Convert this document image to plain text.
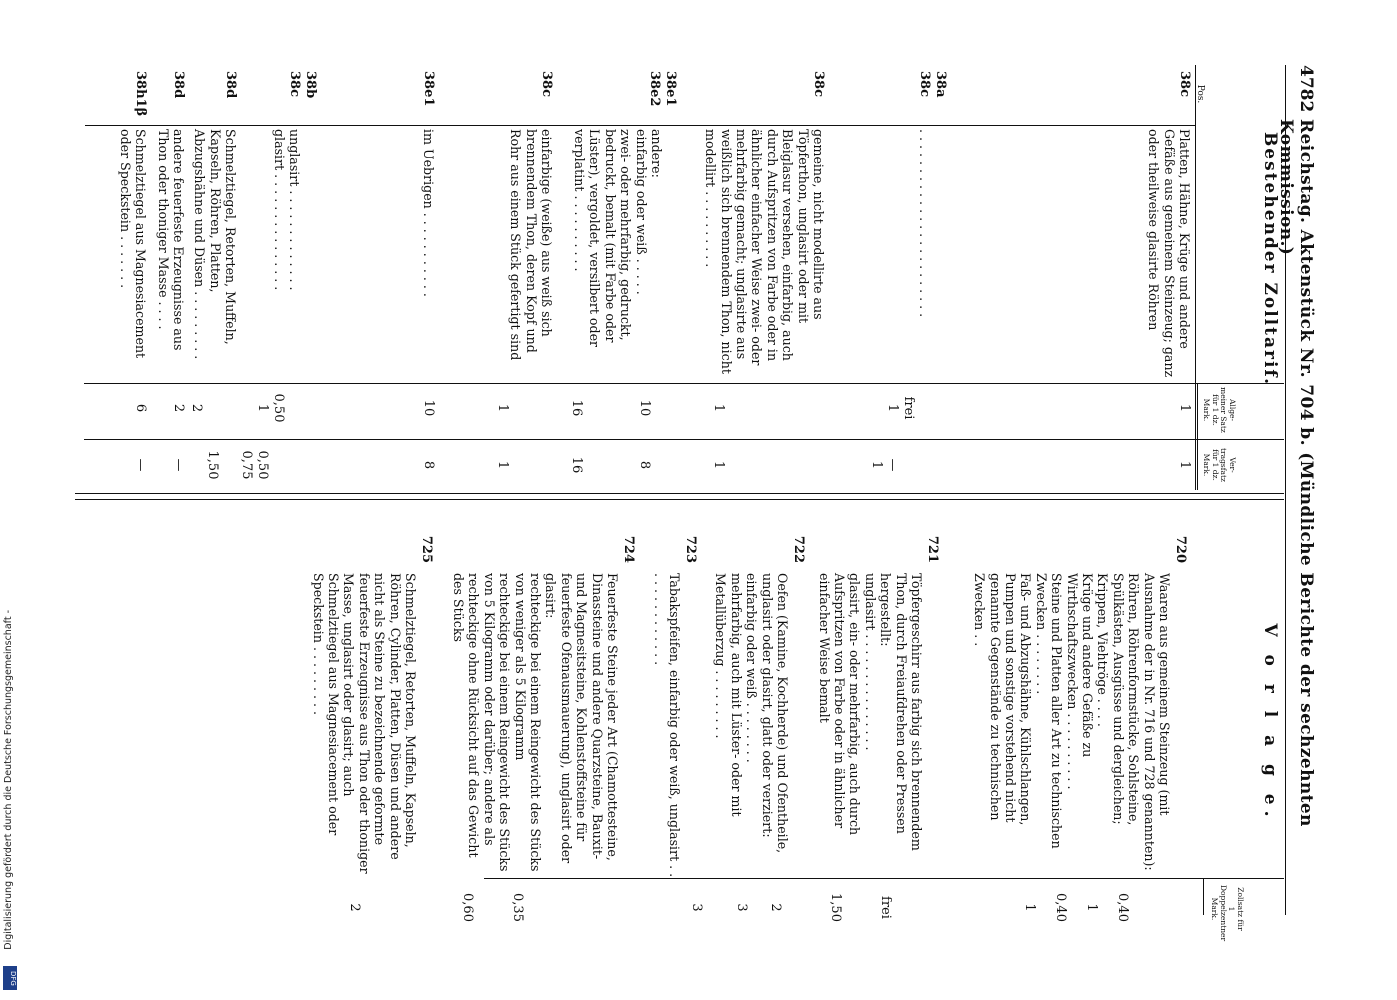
Digitalisierung gefördert durch die Deutsche Forschungsgemeinschaft -
DFG
4782
Reichstag. Aktenstück Nr. 704 b. (Mündliche Berichte der sechzehnten Kommission.)
Bestehender Zolltarif.
Pos.
Allge-meiner Satz für 1 dz. Mark.
Ver-tragsfatz für 1 dz. Mark.
38c
Platten, Hähne, Krüge und andere Gefäße aus gemeinem Steinzeug; ganz oder theilweise glasirte Röhren
1
1

38a
38c

. . . . . . . . . . . . . . . . . . . . . . . .

frei
1

—
1

38c
gemeine, nicht modellirte aus Töpferthon, unglasirt oder mit Bleiglasur versehen, einfarbig, auch durch Aufspritzen von Farbe oder in ähnlicher einfacher Weise zwei- oder mehrfarbig gemacht; unglasirte aus weißlich sich brennendem Thon, nicht modellirt . . . . . . . . . .
1
1

38e1
38e2

andere:
einfarbig oder weiß . . . . .
zwei- oder mehrfarbig, gedruckt, bedruckt, bemalt (mit Farbe oder Lüster), vergoldet, versilbert oder verplatint . . . . . . . . . .

10
16

8
16

38c
einfarbige (weiße) aus weiß sich brennendem Thon, deren Kopf und Rohr aus einem Stück gefertigt sind
1
1
38e1
im Uebrigen . . . . . . . . . . .
10
8

38b
38c

unglasirt . . . . . . . . . . . . .
glasirt . . . . . . . . . . . . . . .

0,50
1

0,50
0,75

38d
Schmelztiegel, Retorten, Muffeln, Kapseln, Röhren, Platten, Abzugshähne und Düsen . . . . . . . . .
2
1,50
38d
andere feuerfeste Erzeugnisse aus Thon oder thoniger Masse . . . .
2
—
38h1β
Schmelztiegel aus Magnesiacement oder Speckstein . . . . . . .
6
—
V o r l a g e.
Zollsatz für 1 Doppelzentner Mark.

720

Waaren aus gemeinem Steinzeug (mit Ausnahme der in Nr. 716 und 728 genannten):
Röhren, Röhrenformstücke, Sohlsteine, Spülkästen, Ausgüsse und dergleichen; Krippen, Viehtröge . . . .
Krüge und andere Gefäße zu Wirthschaftszwecken . . . . . . . . . .
Steine und Platten aller Art zu technischen Zwecken . . . . . . . .
Faß- und Abzugshähne, Kühlschlangen, Pumpen und sonstige vorstehend nicht genannte Gegenstände zu technischen Zwecken . .

0,40
1
0,40
1

721

Töpfergeschirr aus farbig sich brennendem Thon, durch Freiaufdrehen oder Pressen hergestellt:
unglasirt . . . . . . . . . . . . . . .
glasirt, ein- oder mehrfarbig, auch durch Aufspritzen von Farbe oder in ähnlicher einfacher Weise bemalt

frei
1,50

722

Oefen (Kamine, Kochherde) und Ofentheile, unglasirt oder glasirt, glatt oder verziert:
einfarbig oder weiß . . . . . . . .
mehrfarbig, auch mit Lüster- oder mit Metallüberzug . . . . . . . . .

2
3

723

Tabakspfeifen, einfarbig oder weiß, unglasirt . . . . . . . . . . . . . .

3

724

Feuerfeste Steine jeder Art (Chamottesteine, Dinassteine und andere Quarzsteine, Bauxit- und Magnesitsteine, Kohlenstoffsteine für feuerfeste Ofenausmauerung), unglasirt oder glasirt:
rechteckige bei einem Reingewicht des Stücks von weniger als 5 Kilogramm
rechteckige bei einem Reingewicht des Stücks von 5 Kilogramm oder darüber; andere als rechteckige ohne Rücksicht auf das Gewicht des Stücks

0,35
0,60

725

Schmelztiegel, Retorten, Muffeln, Kapseln, Röhren, Cylinder, Platten, Düsen und andere nicht als Steine zu bezeichnende geformte feuerfeste Erzeugnisse aus Thon oder thoniger Masse, unglasirt oder glasirt; auch Schmelztiegel aus Magnesiacement oder Speckstein . . . . . . . . .

2
